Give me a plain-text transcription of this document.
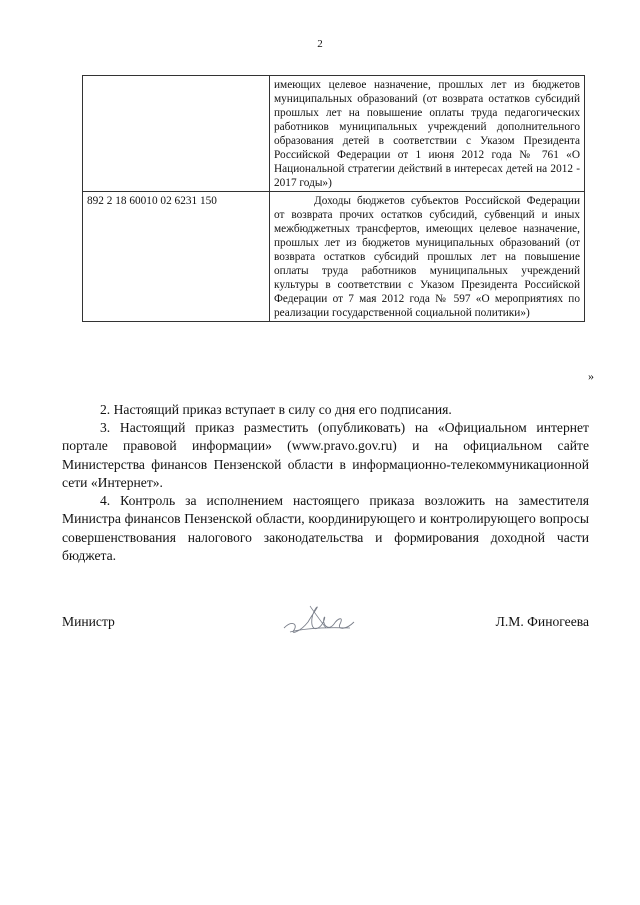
2
	имеющих целевое назначение, прошлых лет из бюджетов муниципальных образований (от возврата остатков субсидий прошлых лет на повышение оплаты труда педагогических работников муниципальных учреждений дополнительного образования детей в соответствии с Указом Президента Российской Федерации от 1 июня 2012 года № 761 «О Национальной стратегии действий в интересах детей на 2012 - 2017 годы»)
892 2 18 60010 02 6231 150	Доходы бюджетов субъектов Российской Федерации от возврата прочих остатков субсидий, субвенций и иных межбюджетных трансфертов, имеющих целевое назначение, прошлых лет из бюджетов муниципальных образований (от возврата остатков субсидий прошлых лет на повышение оплаты труда работников муниципальных учреждений культуры в соответствии с Указом Президента Российской Федерации от 7 мая 2012 года № 597 «О мероприятиях по реализации государственной социальной политики»)
»

2. Настоящий приказ вступает в силу со дня его подписания.

3. Настоящий приказ разместить (опубликовать) на «Официальном интернет портале правовой информации» (www.pravo.gov.ru) и на официальном сайте Министерства финансов Пензенской области в информационно-телекоммуникационной сети «Интернет».

4. Контроль за исполнением настоящего приказа возложить на заместителя Министра финансов Пензенской области, координирующего и контролирующего вопросы совершенствования налогового законодательства и формирования доходной части бюджета.

Министр	Л.М. Финогеева
